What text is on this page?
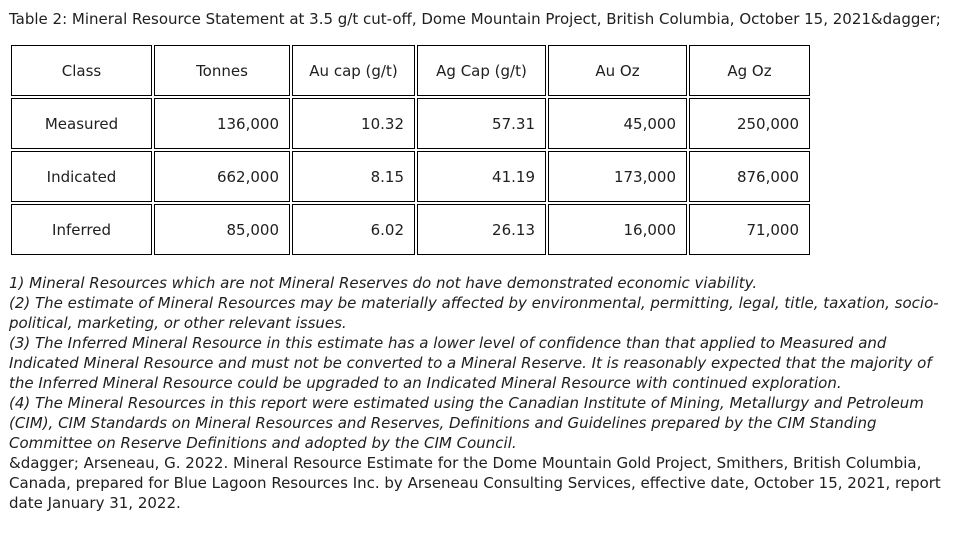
Table 2: Mineral Resource Statement at 3.5 g/t cut-off, Dome Mountain Project, British Columbia, October 15, 2021&dagger;

Class	Tonnes	Au cap (g/t)	Ag Cap (g/t)	Au Oz	Ag Oz
Measured	136,000	10.32	57.31	45,000	250,000
Indicated	662,000	8.15	41.19	173,000	876,000
Inferred	85,000	6.02	26.13	16,000	71,000

1) Mineral Resources which are not Mineral Reserves do not have demonstrated economic viability.

(2) The estimate of Mineral Resources may be materially affected by environmental, permitting, legal, title, taxation, socio-political, marketing, or other relevant issues.

(3) The Inferred Mineral Resource in this estimate has a lower level of confidence than that applied to Measured and Indicated Mineral Resource and must not be converted to a Mineral Reserve. It is reasonably expected that the majority of the Inferred Mineral Resource could be upgraded to an Indicated Mineral Resource with continued exploration.

(4) The Mineral Resources in this report were estimated using the Canadian Institute of Mining, Metallurgy and Petroleum (CIM), CIM Standards on Mineral Resources and Reserves, Definitions and Guidelines prepared by the CIM Standing Committee on Reserve Definitions and adopted by the CIM Council.

&dagger; Arseneau, G. 2022. Mineral Resource Estimate for the Dome Mountain Gold Project, Smithers, British Columbia, Canada, prepared for Blue Lagoon Resources Inc. by Arseneau Consulting Services, effective date, October 15, 2021, report date January 31, 2022.
